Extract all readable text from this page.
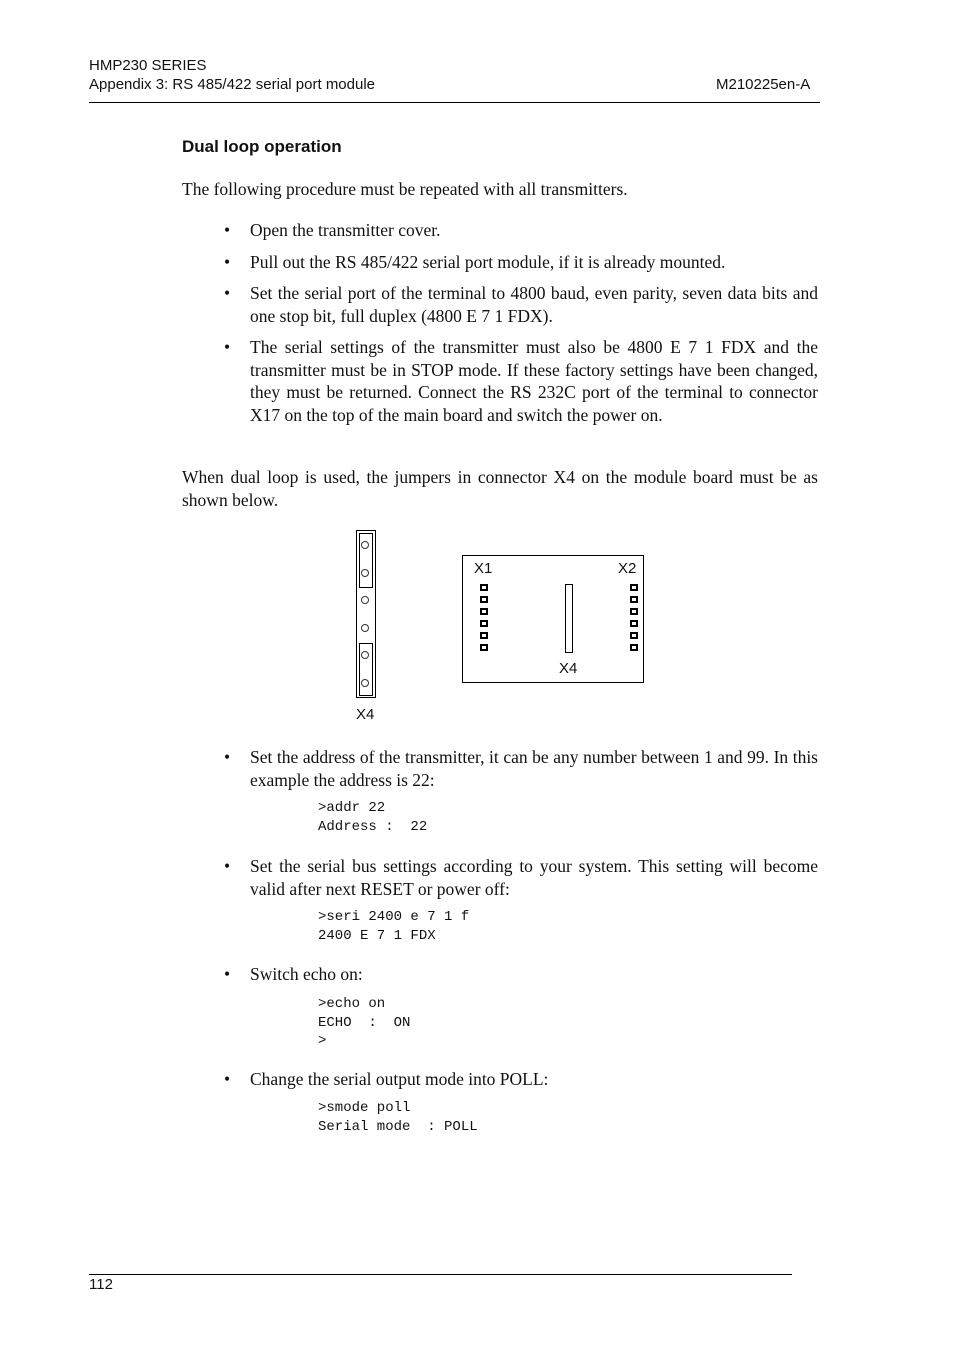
HMP230 SERIES
Appendix 3: RS 485/422 serial port module	M210225en-A
Dual loop operation
The following procedure must be repeated with all transmitters.
• Open the transmitter cover.
• Pull out the RS 485/422 serial port module, if it is already mounted.
• Set the serial port of the terminal to 4800 baud, even parity, seven data bits and one stop bit, full duplex (4800 E 7 1 FDX).
• The serial settings of the transmitter must also be 4800 E 7 1 FDX and the transmitter must be in STOP mode. If these factory settings have been changed, they must be returned. Connect the RS 232C port of the terminal to connector X17 on the top of the main board and switch the power on.
When dual loop is used, the jumpers in connector X4 on the module board must be as shown below.
X4
X1	X2
X4
• Set the address of the transmitter, it can be any number between 1 and 99. In this example the address is 22:
>addr 22
Address :  22
• Set the serial bus settings according to your system. This setting will become valid after next RESET or power off:
>seri 2400 e 7 1 f
2400 E 7 1 FDX
• Switch echo on:
>echo on
ECHO  :  ON
>
• Change the serial output mode into POLL:
>smode poll
Serial mode  : POLL
112
